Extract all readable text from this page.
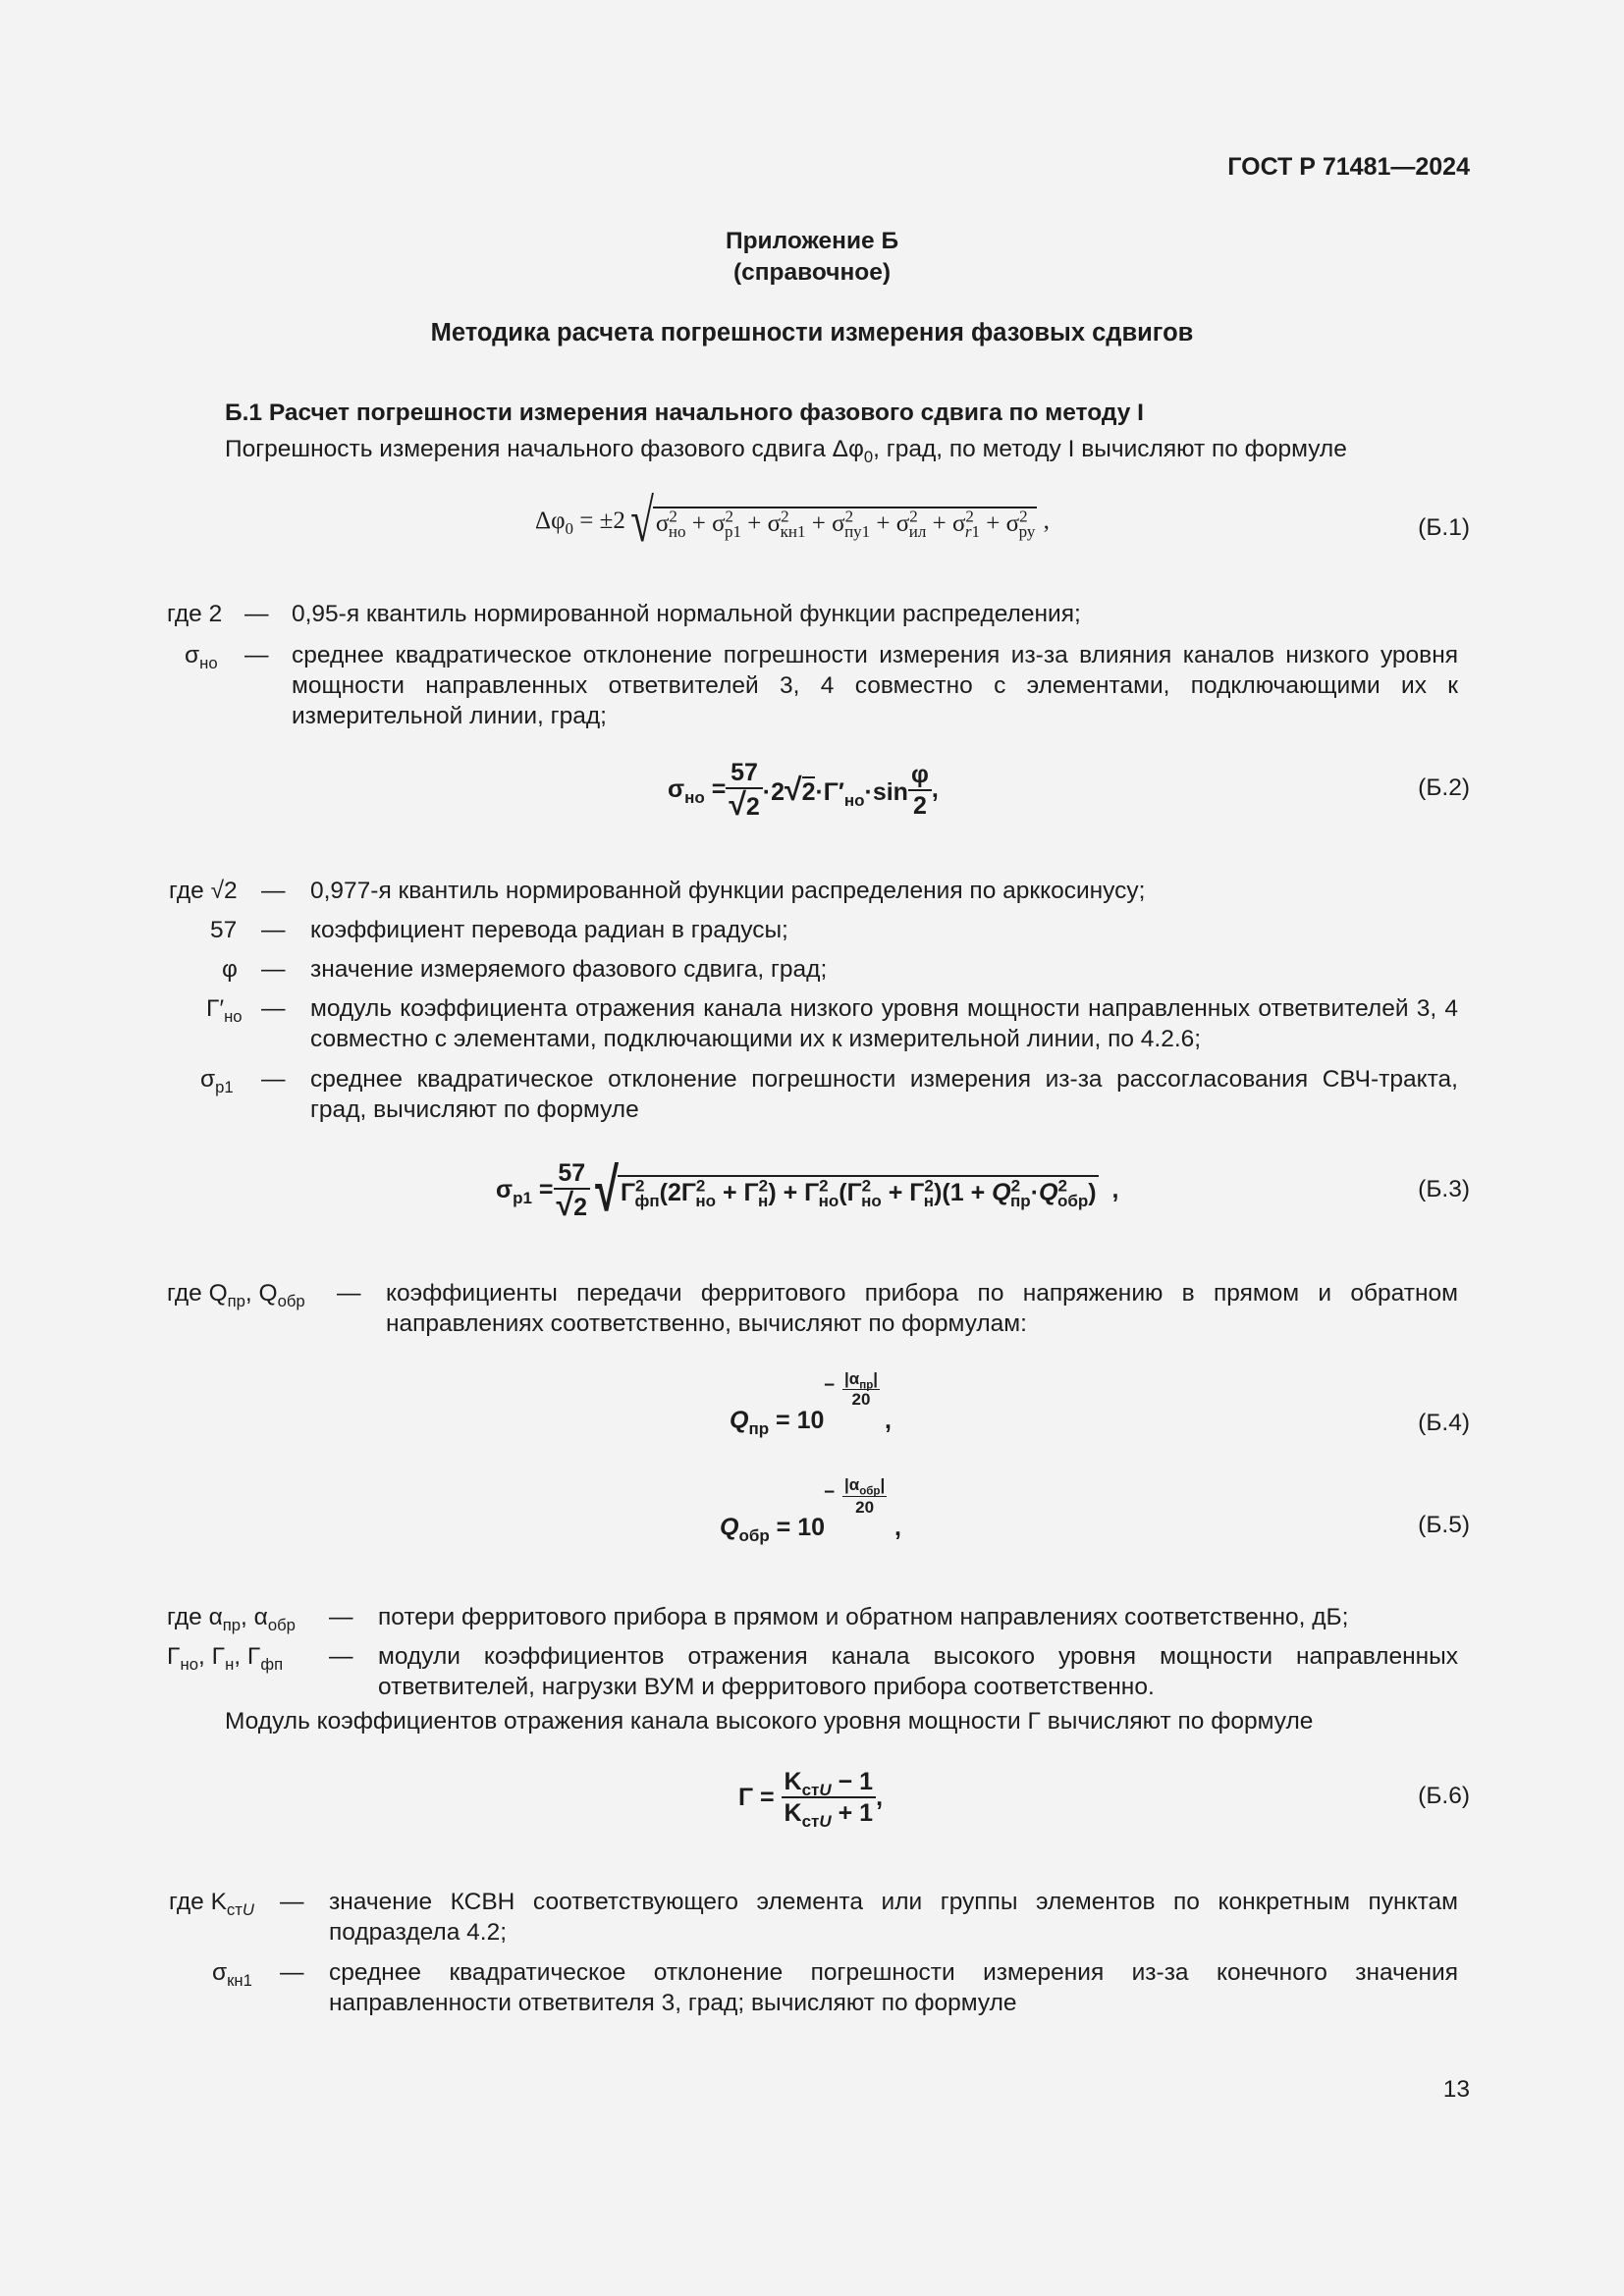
ГОСТ Р 71481—2024
Приложение Б
(справочное)
Методика расчета погрешности измерения фазовых сдвигов
Б.1 Расчет погрешности измерения начального фазового сдвига по методу I
Погрешность измерения начального фазового сдвига $\Delta\varphi_0$, град, по методу I вычисляют по формуле
$\Delta\varphi_0 = \pm 2$ √ $\sigma^2_{но} + \sigma^2_{р1} + \sigma^2_{кн1} + \sigma^2_{пу1} + \sigma^2_{ил} + \sigma^2_{r1} + \sigma^2_{ру}$ ,	(Б.1)
где 2 — 0,95-я квантиль нормированной нормальной функции распределения;
$\sigma_{но}$ — среднее квадратическое отклонение погрешности измерения из-за влияния каналов низкого уровня мощности направленных ответвителей 3, 4 совместно с элементами, подключающими их к измерительной линии, град;
$\sigma_{но} = \frac{57}{√2} \cdot 2√2\cdot\Gamma'_{но}\cdot\sin \frac{\varphi}{2}$ ,	(Б.2)
где √2 — 0,977-я квантиль нормированной функции распределения по арккосинусу;
57 — коэффициент перевода радиан в градусы;
φ — значение измеряемого фазового сдвига, град;
$\Gamma'_{но}$ — модуль коэффициента отражения канала низкого уровня мощности направленных ответвителей 3, 4 совместно с элементами, подключающими их к измерительной линии, по 4.2.6;
$\sigma_{р1}$ — среднее квадратическое отклонение погрешности измерения из-за рассогласования СВЧ-тракта, град, вычисляют по формуле
$\sigma_{р1} = \frac{57}{√2}$ √ $\Gamma^2_{фп}(2\Gamma^2_{но} + \Gamma^2_н) + \Gamma^2_{но}(\Gamma^2_{но} + \Gamma^2_н)(1 + Q^2_{пр}\cdot Q^2_{обр})$ ,	(Б.3)
где $Q_{пр}$, $Q_{обр}$ — коэффициенты передачи ферритового прибора по напряжению в прямом и обратном направлениях соответственно, вычисляют по формулам:
$Q_{пр} = 10$
− $|\alpha_{пр}|$
20
,	(Б.4)
$Q_{обр} = 10$
− $|\alpha_{обр}|$
20
,	(Б.5)
где $\alpha_{пр}$, $\alpha_{обр}$ — потери ферритового прибора в прямом и обратном направлениях соответственно, дБ;
$\Gamma_{но}$, $\Gamma_н$, $\Gamma_{фп}$ — модули коэффициентов отражения канала высокого уровня мощности направленных ответвителей, нагрузки ВУМ и ферритового прибора соответственно.
Модуль коэффициентов отражения канала высокого уровня мощности Γ вычисляют по формуле
$\Gamma = \frac{K_{стU} - 1}{K_{стU} + 1}$ ,	(Б.6)
где $K_{стU}$ — значение КСВН соответствующего элемента или группы элементов по конкретным пунктам подраздела 4.2;
$\sigma_{кн1}$ — среднее квадратическое отклонение погрешности измерения из-за конечного значения направленности ответвителя 3, град; вычисляют по формуле
13
